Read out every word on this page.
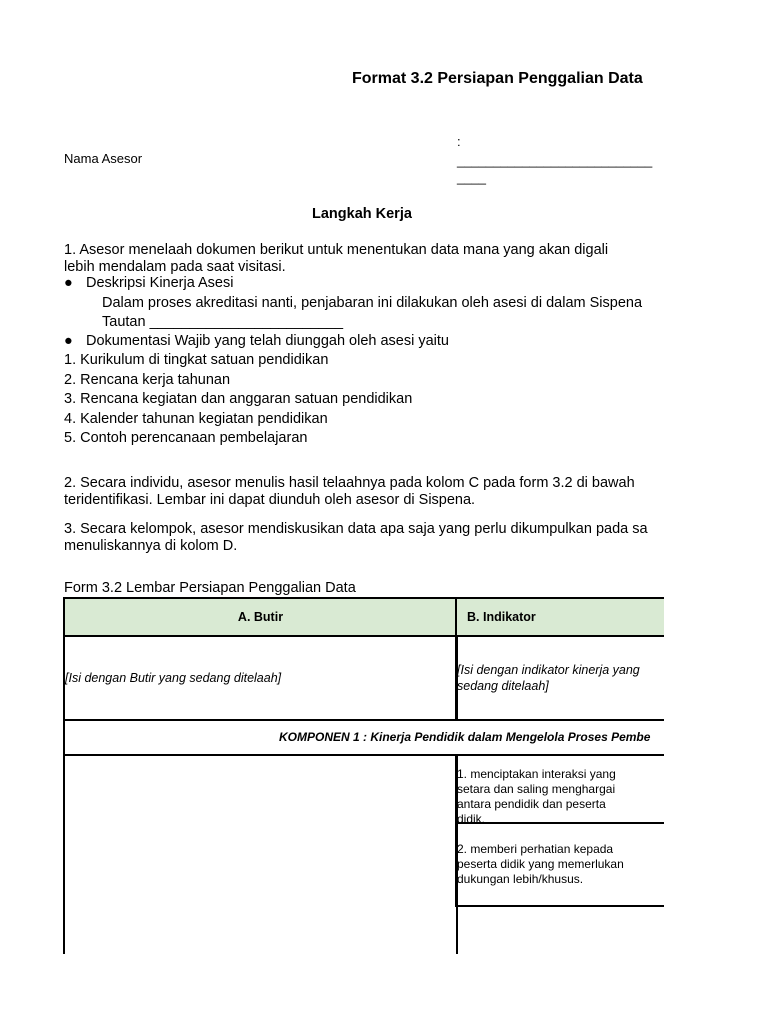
Format 3.2 Persiapan Penggalian Data
Nama Asesor
:
___________________________
____
Langkah Kerja
1. Asesor menelaah dokumen berikut untuk menentukan data mana yang akan digali
lebih mendalam pada saat visitasi.
● Deskripsi Kinerja Asesi
Dalam proses akreditasi nanti, penjabaran ini dilakukan oleh asesi di dalam Sispena
Tautan ________________________
● Dokumentasi Wajib yang telah diunggah oleh asesi yaitu
1. Kurikulum di tingkat satuan pendidikan
2. Rencana kerja tahunan
3. Rencana kegiatan dan anggaran satuan pendidikan
4. Kalender tahunan kegiatan pendidikan
5. Contoh perencanaan pembelajaran
2. Secara individu, asesor menulis hasil telaahnya pada kolom C pada form 3.2 di bawah
teridentifikasi. Lembar ini dapat diunduh oleh asesor di Sispena.
3. Secara kelompok, asesor mendiskusikan data apa saja yang perlu dikumpulkan pada sa
menuliskannya di kolom D.
Form 3.2 Lembar Persiapan Penggalian Data
A. Butir	B. Indikator
[Isi dengan Butir yang sedang ditelaah]
[Isi dengan indikator kinerja yang
sedang ditelaah]
KOMPONEN 1 : Kinerja Pendidik dalam Mengelola Proses Pembe
1. menciptakan interaksi yang setara dan saling menghargai antara pendidik dan peserta didik.
2. memberi perhatian kepada peserta didik yang memerlukan dukungan lebih/khusus.
